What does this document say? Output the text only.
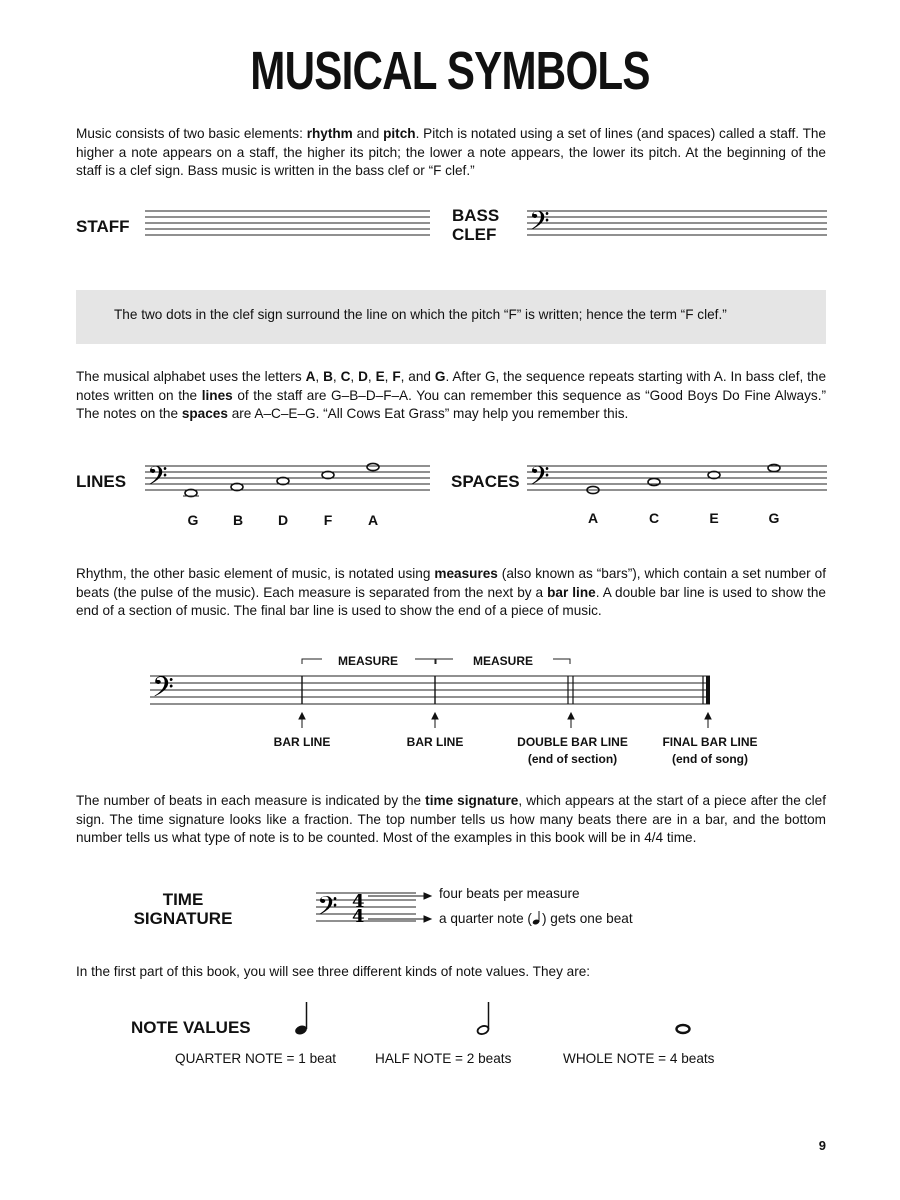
MUSICAL SYMBOLS
Music consists of two basic elements: rhythm and pitch. Pitch is notated using a set of lines (and spaces) called a staff. The higher a note appears on a staff, the higher its pitch; the lower a note appears, the lower its pitch. At the beginning of the staff is a clef sign. Bass music is written in the bass clef or “F clef.”
STAFF
BASS
CLEF 𝄢
The two dots in the clef sign surround the line on which the pitch “F” is written; hence the term “F clef.”
The musical alphabet uses the letters A, B, C, D, E, F, and G. After G, the sequence repeats starting with A. In bass clef, the notes written on the lines of the staff are G–B–D–F–A. You can remember this sequence as “Good Boys Do Fine Always.” The notes on the spaces are A–C–E–G. “All Cows Eat Grass” may help you remember this.
LINES 𝄢
G	B	D	F	A
SPACES 𝄢
A	C	E	G
Rhythm, the other basic element of music, is notated using measures (also known as “bars”), which contain a set number of beats (the pulse of the music). Each measure is separated from the next by a bar line. A double bar line is used to show the end of a section of music. The final bar line is used to show the end of a piece of music.
𝄢
MEASURE	MEASURE
BAR LINE	BAR LINE	DOUBLE BAR LINE
(end of section)
FINAL BAR LINE
(end of song)
The number of beats in each measure is indicated by the time signature, which appears at the start of a piece after the clef sign. The time signature looks like a fraction. The top number tells us how many beats there are in a bar, and the bottom number tells us what type of note is to be counted. Most of the examples in this book will be in 4/4 time.
TIME
SIGNATURE	𝄢 4
4
four beats per measure
a quarter note ( ) gets one beat
In the first part of this book, you will see three different kinds of note values. They are:
NOTE VALUES
QUARTER NOTE = 1 beat	HALF NOTE = 2 beats	WHOLE NOTE = 4 beats
9
